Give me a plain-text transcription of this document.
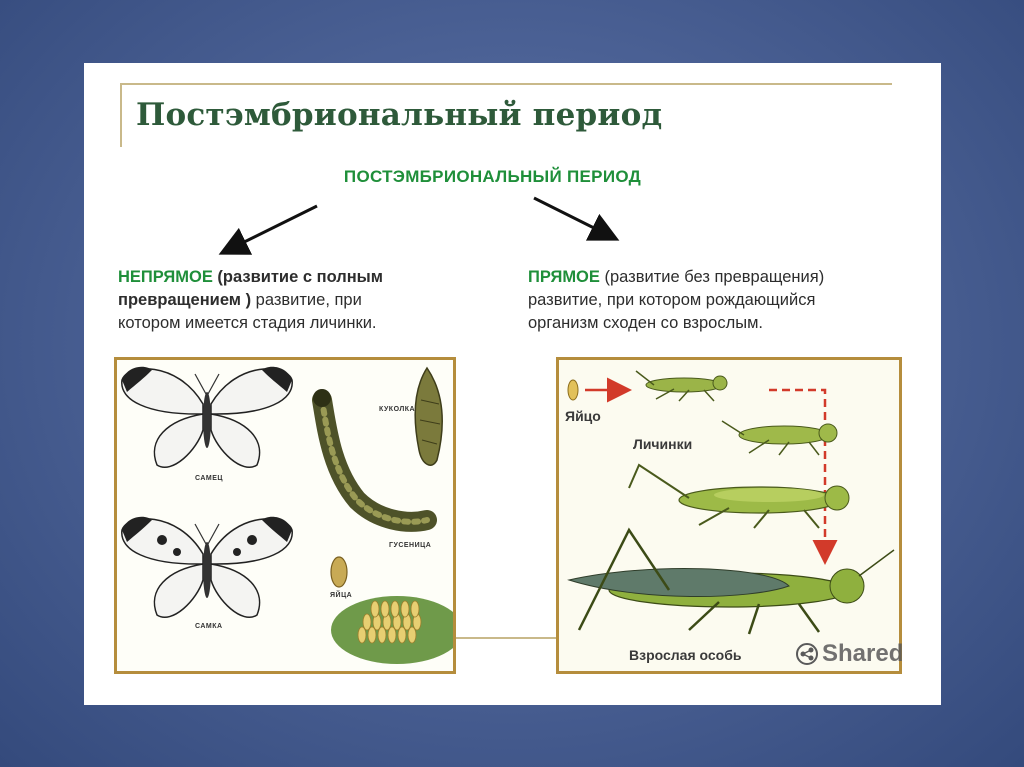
Постэмбриональный период
ПОСТЭМБРИОНАЛЬНЫЙ ПЕРИОД
НЕПРЯМОЕ (развитие с полным
превращением ) развитие, при
котором имеется стадия личинки.
ПРЯМОЕ (развитие без превращения)
развитие, при котором рождающийся
организм сходен со взрослым.
САМЕЦ
САМКА
КУКОЛКА
ГУСЕНИЦА
ЯЙЦА
Яйцо
Личинки
Взрослая особь	Shared
